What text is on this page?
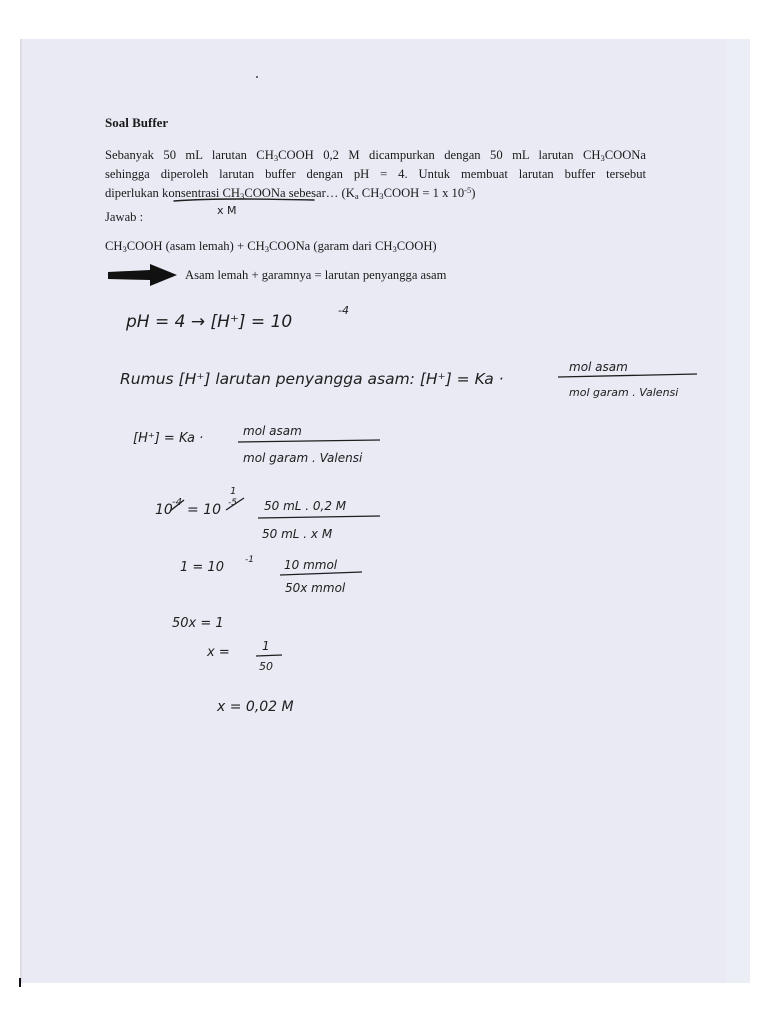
Soal Buffer
Sebanyak 50 mL larutan $CH_3COOH$ 0,2 M dicampurkan dengan 50 mL larutan $CH_3COONa$
sehingga diperoleh larutan buffer dengan pH = 4. Untuk membuat larutan buffer tersebut
diperlukan konsentrasi $CH_3COONa$ sebesar… ($K_a$ $CH_3COOH = 1$ x $10^{-5}$)
Jawab :
$CH_3COOH$ (asam lemah) + $CH_3COONa$ (garam dari $CH_3COOH$)
Asam lemah + garamnya = larutan penyangga asam
x M
pH = 4 → [H⁺] = 10
-4
Rumus [H⁺] larutan penyangga asam: [H⁺] = Ka ·
mol asam
mol garam . Valensi
[H⁺] = Ka ·	mol asam
mol garam . Valensi
10 -4 = 10 -5
1
50 mL . 0,2 M
50 mL . x M
1 = 10 -1	10 mmol
50x mmol
50x = 1
x =	1
50
x = 0,02 M
